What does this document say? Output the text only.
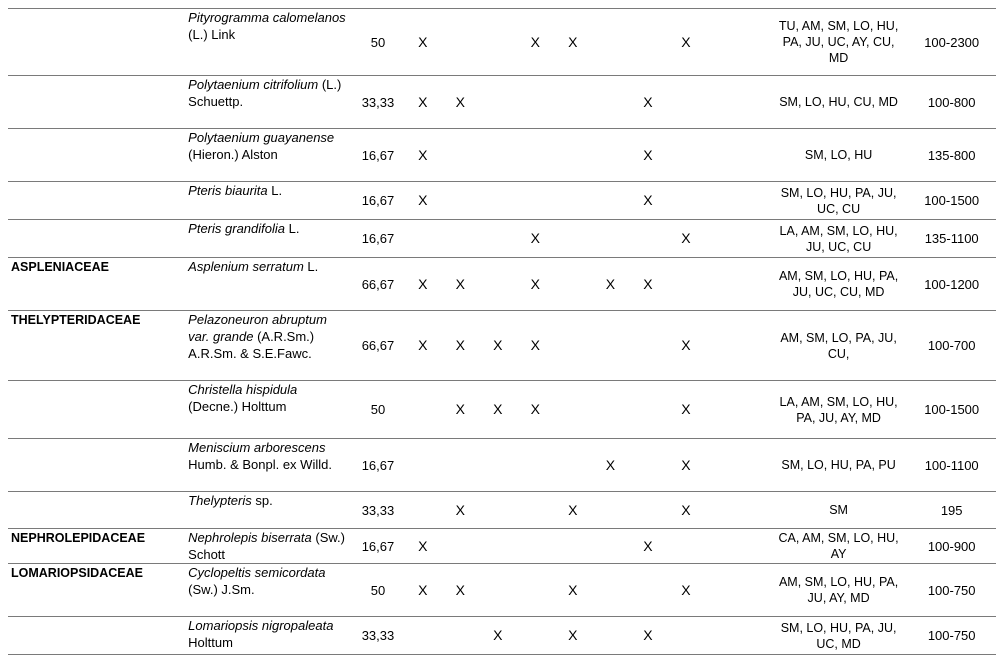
	Pityrogramma calomelanos (L.) Link	50	X			X	X			X		TU, AM, SM, LO, HU, PA, JU, UC, AY, CU, MD	100-2300
	Polytaenium citrifolium (L.) Schuettp.	33,33	X	X					X			SM, LO, HU, CU, MD	100-800
	Polytaenium guayanense (Hieron.) Alston	16,67	X						X			SM, LO, HU	135-800
	Pteris biaurita L.	16,67	X						X			SM, LO, HU, PA, JU, UC, CU	100-1500
	Pteris grandifolia L.	16,67				X				X		LA, AM, SM, LO, HU, JU, UC, CU	135-1100
ASPLENIACEAE	Asplenium serratum L.	66,67	X	X		X		X	X			AM, SM, LO, HU, PA, JU, UC, CU, MD	100-1200
THELYPTERIDACEAE	Pelazoneuron abruptum var. grande (A.R.Sm.) A.R.Sm. & S.E.Fawc.	66,67	X	X	X	X				X		AM, SM, LO, PA, JU, CU,	100-700
	Christella hispidula (Decne.) Holttum	50		X	X	X				X		LA, AM, SM, LO, HU, PA, JU, AY, MD	100-1500
	Meniscium arborescens Humb. & Bonpl. ex Willd.	16,67						X		X		SM, LO, HU, PA, PU	100-1100
	Thelypteris sp.	33,33		X			X			X		SM	195
NEPHROLEPIDACEAE	Nephrolepis biserrata (Sw.) Schott	16,67	X						X			CA, AM, SM, LO, HU, AY	100-900
LOMARIOPSIDACEAE	Cyclopeltis semicordata (Sw.) J.Sm.	50	X	X			X			X		AM, SM, LO, HU, PA, JU, AY, MD	100-750
	Lomariopsis nigropaleata Holttum	33,33			X		X		X			SM, LO, HU, PA, JU, UC, MD	100-750
